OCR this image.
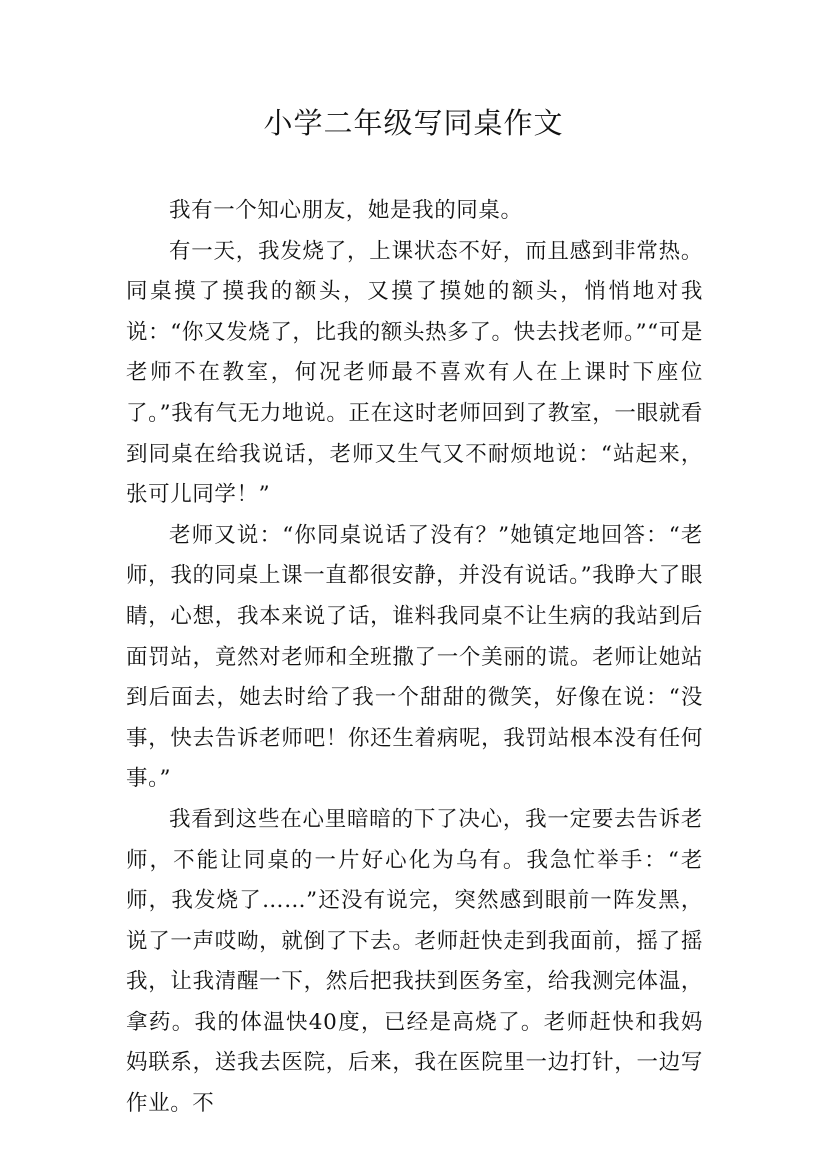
小学二年级写同桌作文

我有一个知心朋友，她是我的同桌。

有一天，我发烧了，上课状态不好，而且感到非常热。同桌摸了摸我的额头，又摸了摸她的额头，悄悄地对我说：“你又发烧了，比我的额头热多了。快去找老师。”“可是老师不在教室，何况老师最不喜欢有人在上课时下座位了。”我有气无力地说。正在这时老师回到了教室，一眼就看到同桌在给我说话，老师又生气又不耐烦地说：“站起来，张可儿同学！”

老师又说：“你同桌说话了没有？”她镇定地回答：“老师，我的同桌上课一直都很安静，并没有说话。”我睁大了眼睛，心想，我本来说了话，谁料我同桌不让生病的我站到后面罚站，竟然对老师和全班撒了一个美丽的谎。老师让她站到后面去，她去时给了我一个甜甜的微笑，好像在说：“没事，快去告诉老师吧！你还生着病呢，我罚站根本没有任何事。”

我看到这些在心里暗暗的下了决心，我一定要去告诉老师，不能让同桌的一片好心化为乌有。我急忙举手：“老师，我发烧了……”还没有说完，突然感到眼前一阵发黑，说了一声哎呦，就倒了下去。老师赶快走到我面前，摇了摇我，让我清醒一下，然后把我扶到医务室，给我测完体温，拿药。我的体温快40度，已经是高烧了。老师赶快和我妈妈联系，送我去医院，后来，我在医院里一边打针，一边写作业。不
